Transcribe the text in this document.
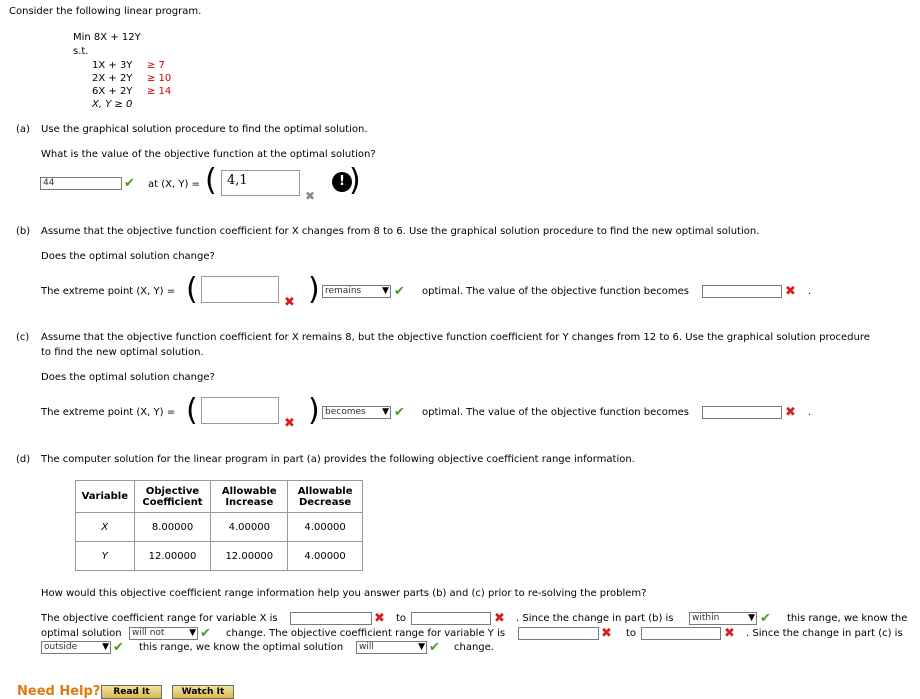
Consider the following linear program.
Min 8X + 12Y
s.t.
1X + 3Y ≥ 7
2X + 2Y ≥ 10
6X + 2Y ≥ 14
X, Y ≥ 0
(a) Use the graphical solution procedure to find the optimal solution.
What is the value of the objective function at the optimal solution?
44	✔ at (X, Y) = ( 4,1
✖
! )
(b) Assume that the objective function coefficient for X changes from 8 to 6. Use the graphical solution procedure to find the new optimal solution.
Does the optimal solution change?
The extreme point (X, Y) = (	✖ ) remains ▼ ✔ optimal. The value of the objective function becomes	✖ .
(c) Assume that the objective function coefficient for X remains 8, but the objective function coefficient for Y changes from 12 to 6. Use the graphical solution procedure
to find the new optimal solution.
Does the optimal solution change?
The extreme point (X, Y) = (	✖ ) becomes ▼ ✔ optimal. The value of the objective function becomes	✖ .
(d) The computer solution for the linear program in part (a) provides the following objective coefficient range information.
Variable	Objective Coefficient	Allowable Increase	Allowable Decrease
X	8.00000	4.00000	4.00000
Y	12.00000	12.00000	4.00000
How would this objective coefficient range information help you answer parts (b) and (c) prior to re-solving the problem?
The objective coefficient range for variable X is	✖ to	✖ . Since the change in part (b) is	within	▼ ✔ this range, we know the
optimal solution	will not	▼ ✔ change. The objective coefficient range for variable Y is	✖ to	✖ . Since the change in part (c) is
outside	▼ ✔ this range, we know the optimal solution	will	▼ ✔ change.
Need Help?	Read It	Watch It
